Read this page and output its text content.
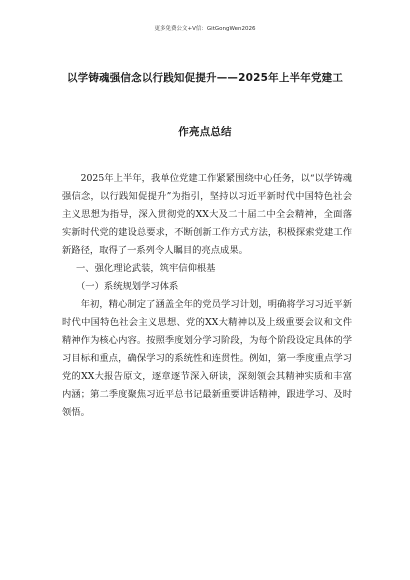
更多免费公文+V信：GitGongWen2026
以学铸魂强信念以行践知促提升——2025年上半年党建工
作亮点总结

2025年上半年，我单位党建工作紧紧围绕中心任务，以“以学铸魂强信念，以行践知促提升”为指引，坚持以习近平新时代中国特色社会主义思想为指导，深入贯彻党的XX大及二十届二中全会精神，全面落实新时代党的建设总要求，不断创新工作方式方法，积极探索党建工作新路径，取得了一系列令人瞩目的亮点成果。

一、强化理论武装，筑牢信仰根基

（一）系统规划学习体系

年初，精心制定了涵盖全年的党员学习计划，明确将学习习近平新时代中国特色社会主义思想、党的XX大精神以及上级重要会议和文件精神作为核心内容。按照季度划分学习阶段，为每个阶段设定具体的学习目标和重点，确保学习的系统性和连贯性。例如，第一季度重点学习党的XX大报告原文，逐章逐节深入研读，深刻领会其精神实质和丰富内涵；第二季度聚焦习近平总书记最新重要讲话精神，跟进学习、及时领悟。
